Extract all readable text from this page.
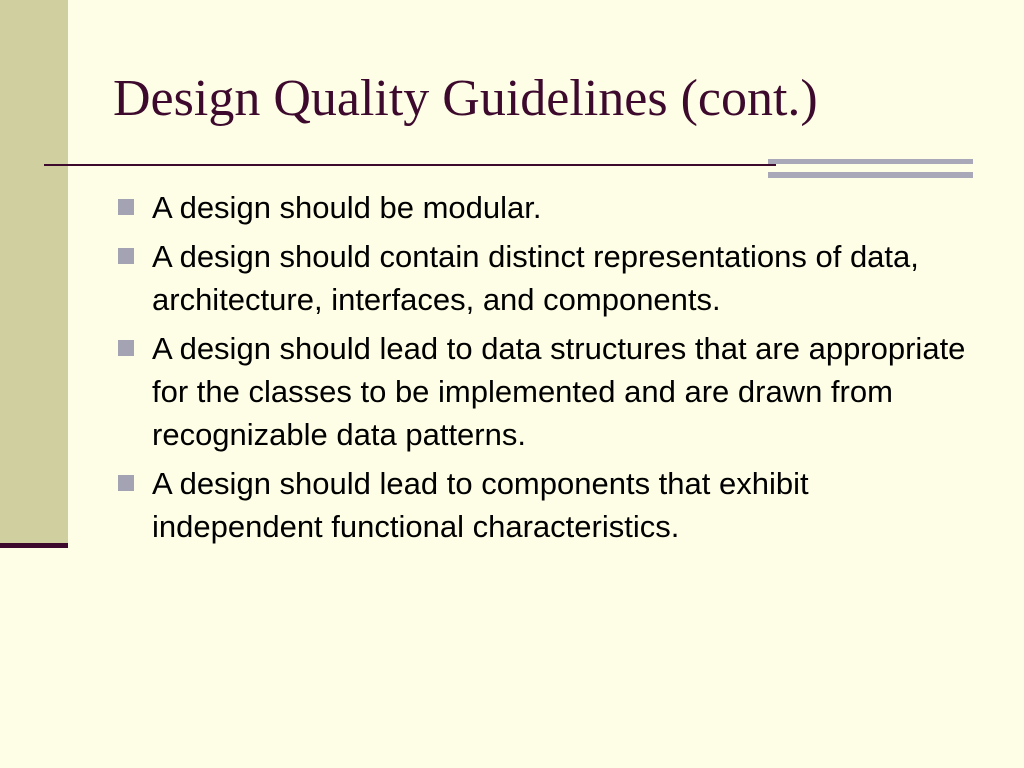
Design Quality Guidelines (cont.)
A design should be modular.
A design should contain distinct representations of data, architecture, interfaces, and components.
A design should lead to data structures that are appropriate for the classes to be implemented and are drawn from recognizable data patterns.
A design should lead to components that exhibit independent functional characteristics.
